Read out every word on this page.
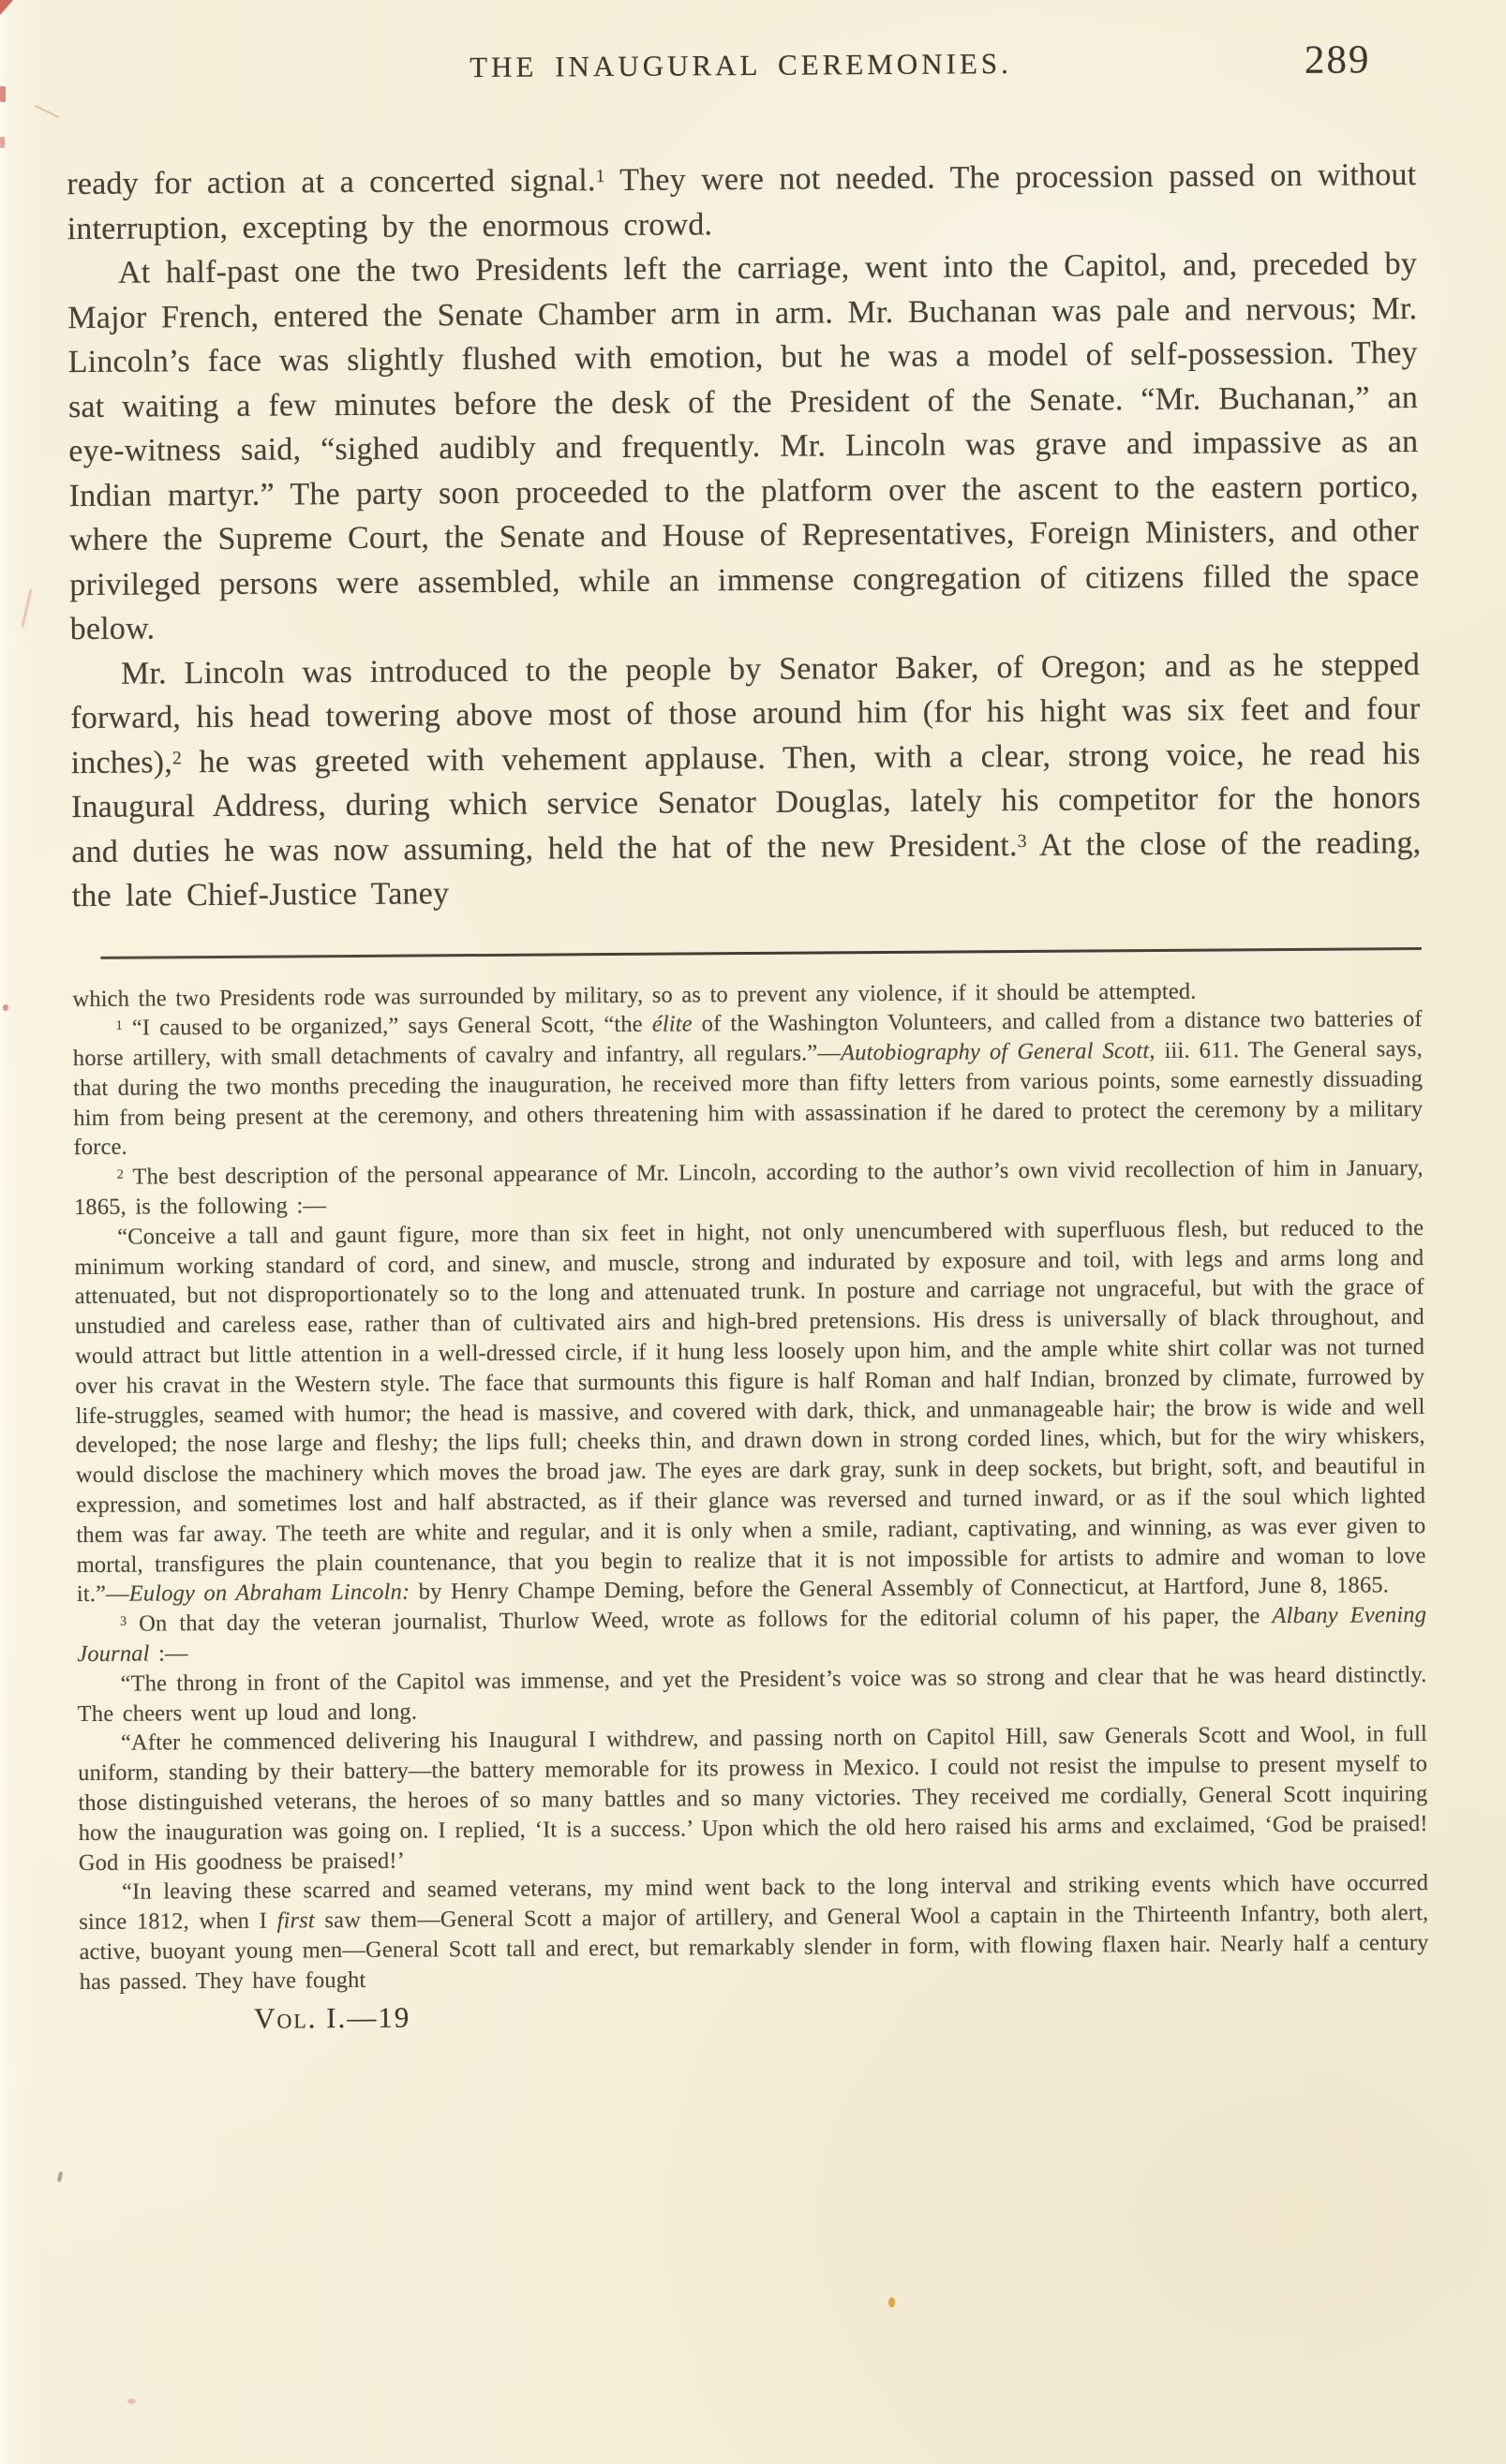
THE INAUGURAL CEREMONIES.	289

ready for action at a concerted signal.$^1$ They were not needed. The procession passed on without interruption, excepting by the enormous crowd.

At half-past one the two Presidents left the carriage, went into the Capitol, and, preceded by Major French, entered the Senate Chamber arm in arm. Mr. Buchanan was pale and nervous; Mr. Lincoln’s face was slightly flushed with emotion, but he was a model of self-possession. They sat waiting a few minutes before the desk of the President of the Senate. “Mr. Buchanan,” an eye-witness said, “sighed audibly and frequently. Mr. Lincoln was grave and impassive as an Indian martyr.” The party soon proceeded to the platform over the ascent to the eastern portico, where the Supreme Court, the Senate and House of Representatives, Foreign Ministers, and other privileged persons were assembled, while an immense congregation of citizens filled the space below.

Mr. Lincoln was introduced to the people by Senator Baker, of Oregon; and as he stepped forward, his head towering above most of those around him (for his hight was six feet and four inches),$^2$ he was greeted with vehement applause. Then, with a clear, strong voice, he read his Inaugural Address, during which service Senator Douglas, lately his competitor for the honors and duties he was now assuming, held the hat of the new President.$^3$ At the close of the reading, the late Chief-Justice Taney

which the two Presidents rode was surrounded by military, so as to prevent any violence, if it should be attempted.

$^1$ “I caused to be organized,” says General Scott, “the élite of the Washington Volunteers, and called from a distance two batteries of horse artillery, with small detachments of cavalry and infantry, all regulars.”—Autobiography of General Scott, iii. 611. The General says, that during the two months preceding the inauguration, he received more than fifty letters from various points, some earnestly dissuading him from being present at the ceremony, and others threatening him with assassination if he dared to protect the ceremony by a military force.

$^2$ The best description of the personal appearance of Mr. Lincoln, according to the author’s own vivid recollection of him in January, 1865, is the following :—

“Conceive a tall and gaunt figure, more than six feet in hight, not only unencumbered with superfluous flesh, but reduced to the minimum working standard of cord, and sinew, and muscle, strong and indurated by exposure and toil, with legs and arms long and attenuated, but not disproportionately so to the long and attenuated trunk. In posture and carriage not ungraceful, but with the grace of unstudied and careless ease, rather than of cultivated airs and high-bred pretensions. His dress is universally of black throughout, and would attract but little attention in a well-dressed circle, if it hung less loosely upon him, and the ample white shirt collar was not turned over his cravat in the Western style. The face that surmounts this figure is half Roman and half Indian, bronzed by climate, furrowed by life-struggles, seamed with humor; the head is massive, and covered with dark, thick, and unmanageable hair; the brow is wide and well developed; the nose large and fleshy; the lips full; cheeks thin, and drawn down in strong corded lines, which, but for the wiry whiskers, would disclose the machinery which moves the broad jaw. The eyes are dark gray, sunk in deep sockets, but bright, soft, and beautiful in expression, and sometimes lost and half abstracted, as if their glance was reversed and turned inward, or as if the soul which lighted them was far away. The teeth are white and regular, and it is only when a smile, radiant, captivating, and winning, as was ever given to mortal, transfigures the plain countenance, that you begin to realize that it is not impossible for artists to admire and woman to love it.”—Eulogy on Abraham Lincoln: by Henry Champe Deming, before the General Assembly of Connecticut, at Hartford, June 8, 1865.

$^3$ On that day the veteran journalist, Thurlow Weed, wrote as follows for the editorial column of his paper, the Albany Evening Journal :—

“The throng in front of the Capitol was immense, and yet the President’s voice was so strong and clear that he was heard distinctly. The cheers went up loud and long.

“After he commenced delivering his Inaugural I withdrew, and passing north on Capitol Hill, saw Generals Scott and Wool, in full uniform, standing by their battery—the battery memorable for its prowess in Mexico. I could not resist the impulse to present myself to those distinguished veterans, the heroes of so many battles and so many victories. They received me cordially, General Scott inquiring how the inauguration was going on. I replied, ‘It is a success.’ Upon which the old hero raised his arms and exclaimed, ‘God be praised! God in His goodness be praised!’

“In leaving these scarred and seamed veterans, my mind went back to the long interval and striking events which have occurred since 1812, when I first saw them—General Scott a major of artillery, and General Wool a captain in the Thirteenth Infantry, both alert, active, buoyant young men—General Scott tall and erect, but remarkably slender in form, with flowing flaxen hair. Nearly half a century has passed. They have fought

Vol. I.—19
